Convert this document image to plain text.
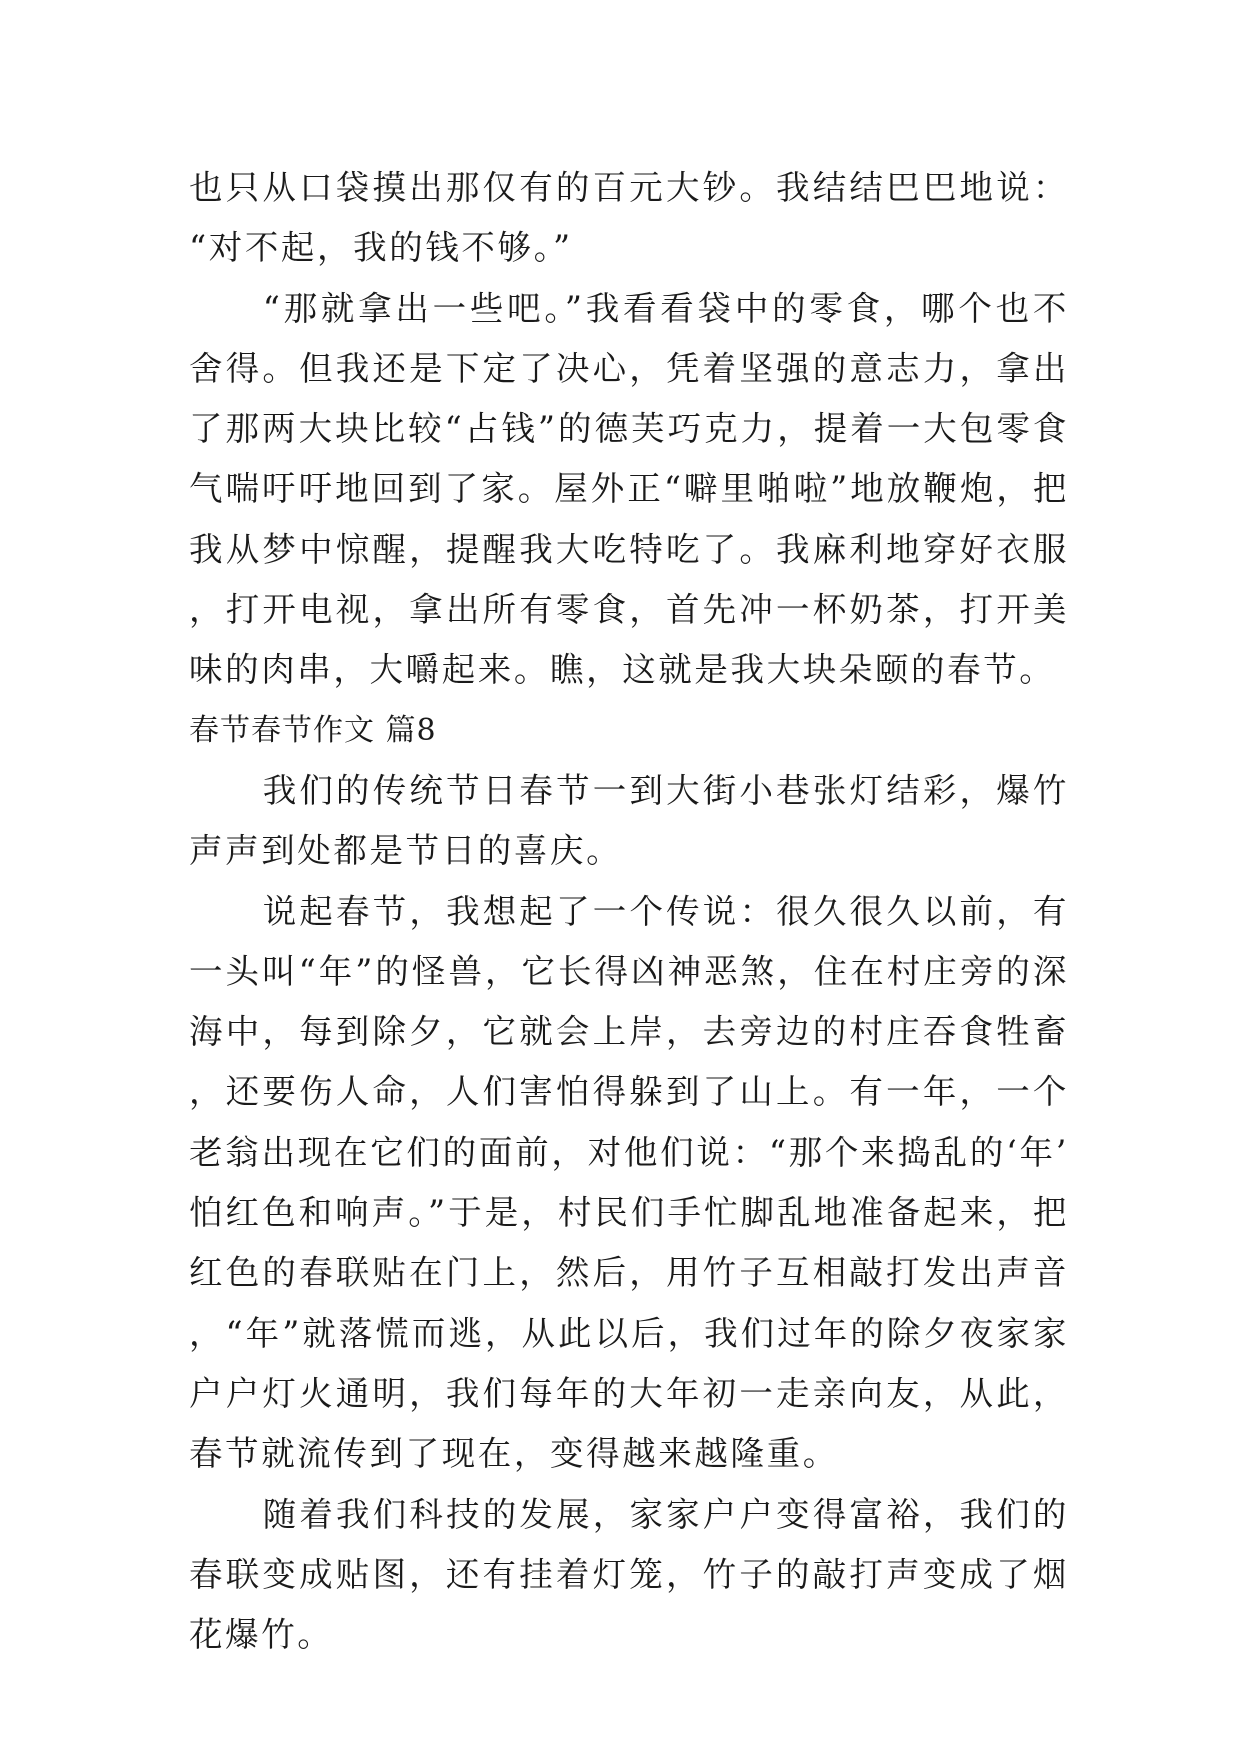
也只从口袋摸出那仅有的百元大钞。我结结巴巴地说：“对不起，我的钱不够。”

“那就拿出一些吧。”我看看袋中的零食，哪个也不舍得。但我还是下定了决心，凭着坚强的意志力，拿出了那两大块比较“占钱”的德芙巧克力，提着一大包零食气喘吁吁地回到了家。屋外正“噼里啪啦”地放鞭炮，把我从梦中惊醒，提醒我大吃特吃了。我麻利地穿好衣服，打开电视，拿出所有零食，首先冲一杯奶茶，打开美味的肉串，大嚼起来。瞧，这就是我大块朵颐的春节。

春节春节作文 篇8

我们的传统节日春节一到大街小巷张灯结彩，爆竹声声到处都是节日的喜庆。

说起春节，我想起了一个传说：很久很久以前，有一头叫“年”的怪兽，它长得凶神恶煞，住在村庄旁的深海中，每到除夕，它就会上岸，去旁边的村庄吞食牲畜，还要伤人命，人们害怕得躲到了山上。有一年，一个老翁出现在它们的面前，对他们说：“那个来捣乱的‘年’怕红色和响声。”于是，村民们手忙脚乱地准备起来，把红色的春联贴在门上，然后，用竹子互相敲打发出声音，“年”就落慌而逃，从此以后，我们过年的除夕夜家家户户灯火通明，我们每年的大年初一走亲向友，从此，春节就流传到了现在，变得越来越隆重。

随着我们科技的发展，家家户户变得富裕，我们的春联变成贴图，还有挂着灯笼，竹子的敲打声变成了烟花爆竹。
